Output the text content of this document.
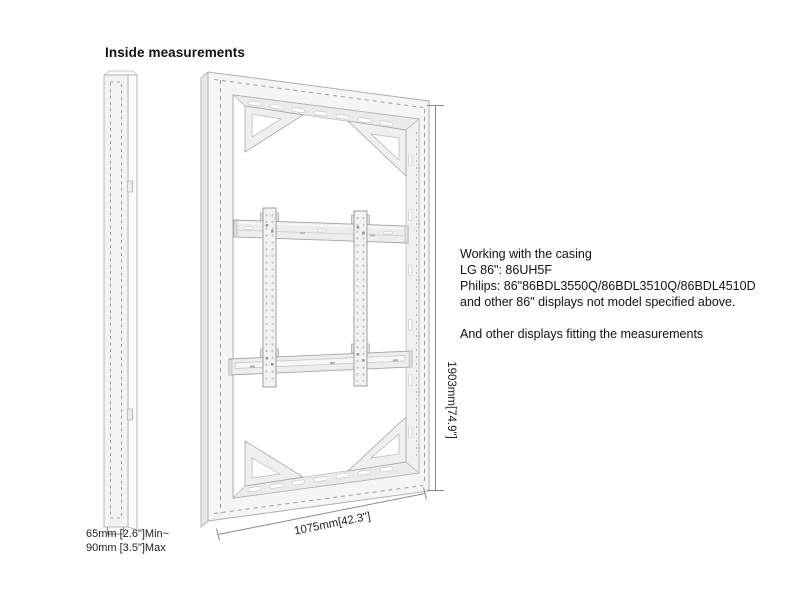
Inside measurements
65mm [2.6"]Min~
90mm [3.5"]Max
1903mm[74.9"]
1075mm[42.3"]
Working with the casing
LG 86": 86UH5F
Philips: 86"86BDL3550Q/86BDL3510Q/86BDL4510D
and other 86" displays not model specified above.
And other displays fitting the measurements
